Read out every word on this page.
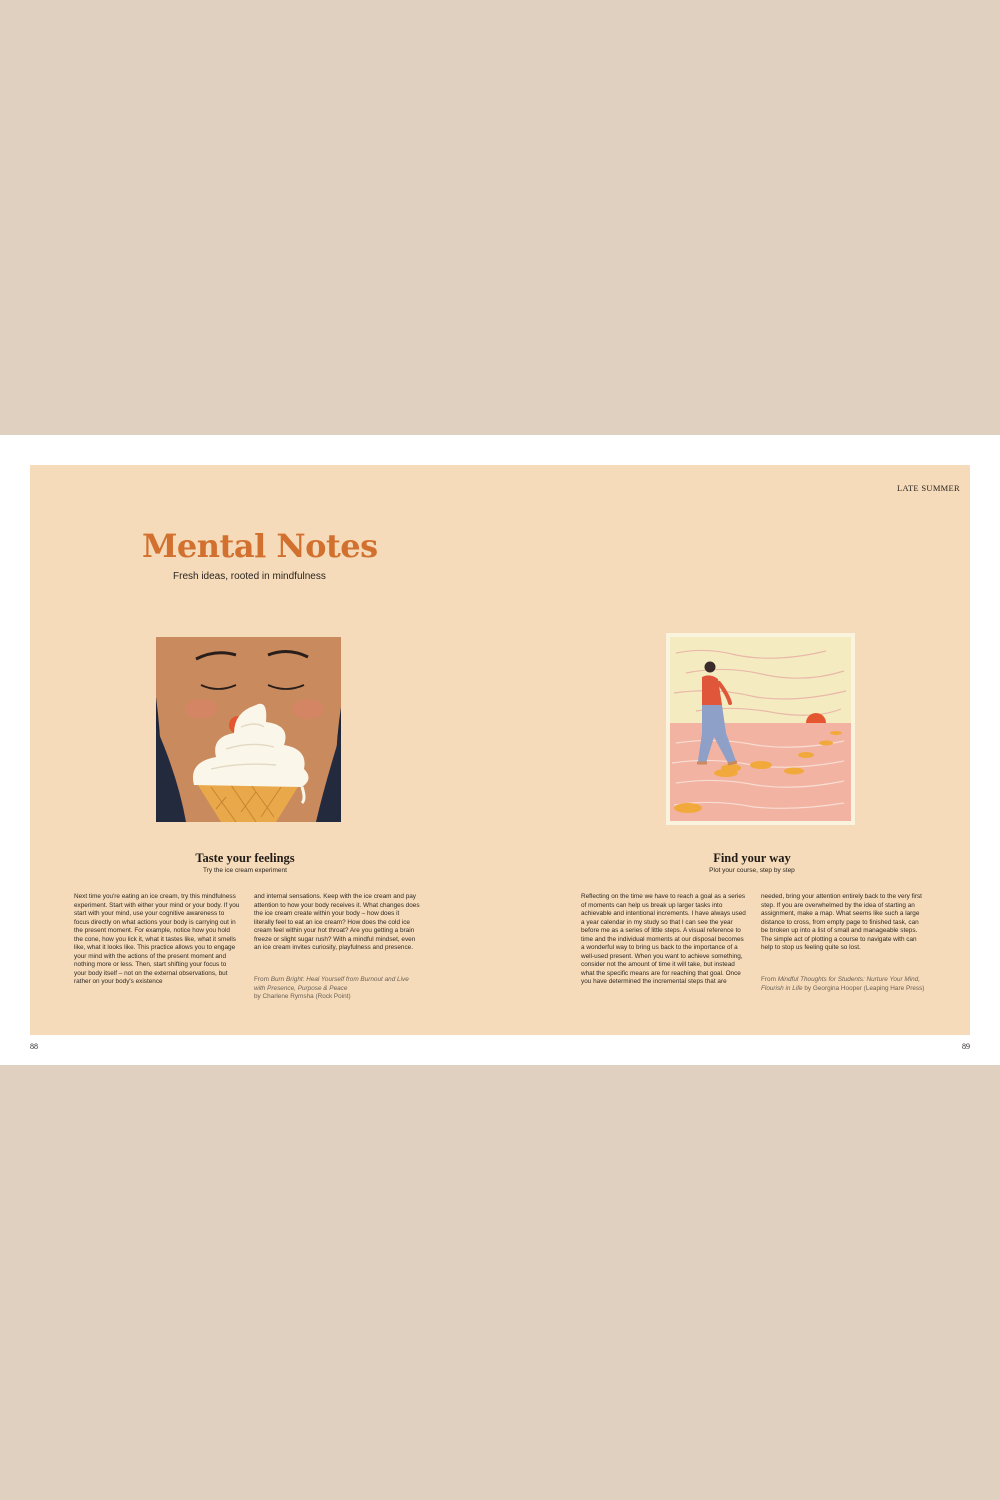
LATE SUMMER
Mental Notes
Fresh ideas, rooted in mindfulness
Taste your feelings
Try the ice cream experiment

Next time you're eating an ice cream, try this mindfulness experiment. Start with either your mind or your body. If you start with your mind, use your cognitive awareness to focus directly on what actions your body is carrying out in the present moment. For example, notice how you hold the cone, how you lick it, what it tastes like, what it smells like, what it looks like. This practice allows you to engage your mind with the actions of the present moment and nothing more or less. Then, start shifting your focus to your body itself – not on the external observations, but rather on your body's existence

and internal sensations. Keep with the ice cream and pay attention to how your body receives it. What changes does the ice cream create within your body – how does it literally feel to eat an ice cream? How does the cold ice cream feel within your hot throat? Are you getting a brain freeze or slight sugar rush? With a mindful mindset, even an ice cream invites curiosity, playfulness and presence.

From Burn Bright: Heal Yourself from Burnout and Live with Presence, Purpose & Peace
by Charlene Rymsha (Rock Point)

Find your way
Plot your course, step by step

Reflecting on the time we have to reach a goal as a series of moments can help us break up larger tasks into achievable and intentional increments. I have always used a year calendar in my study so that I can see the year before me as a series of little steps. A visual reference to time and the individual moments at our disposal becomes a wonderful way to bring us back to the importance of a well-used present. When you want to achieve something, consider not the amount of time it will take, but instead what the specific means are for reaching that goal. Once you have determined the incremental steps that are

needed, bring your attention entirely back to the very first step. If you are overwhelmed by the idea of starting an assignment, make a map. What seems like such a large distance to cross, from empty page to finished task, can be broken up into a list of small and manageable steps. The simple act of plotting a course to navigate with can help to stop us feeling quite so lost.

From Mindful Thoughts for Students: Nurture Your Mind, Flourish in Life by Georgina Hooper (Leaping Hare Press)

88	89
